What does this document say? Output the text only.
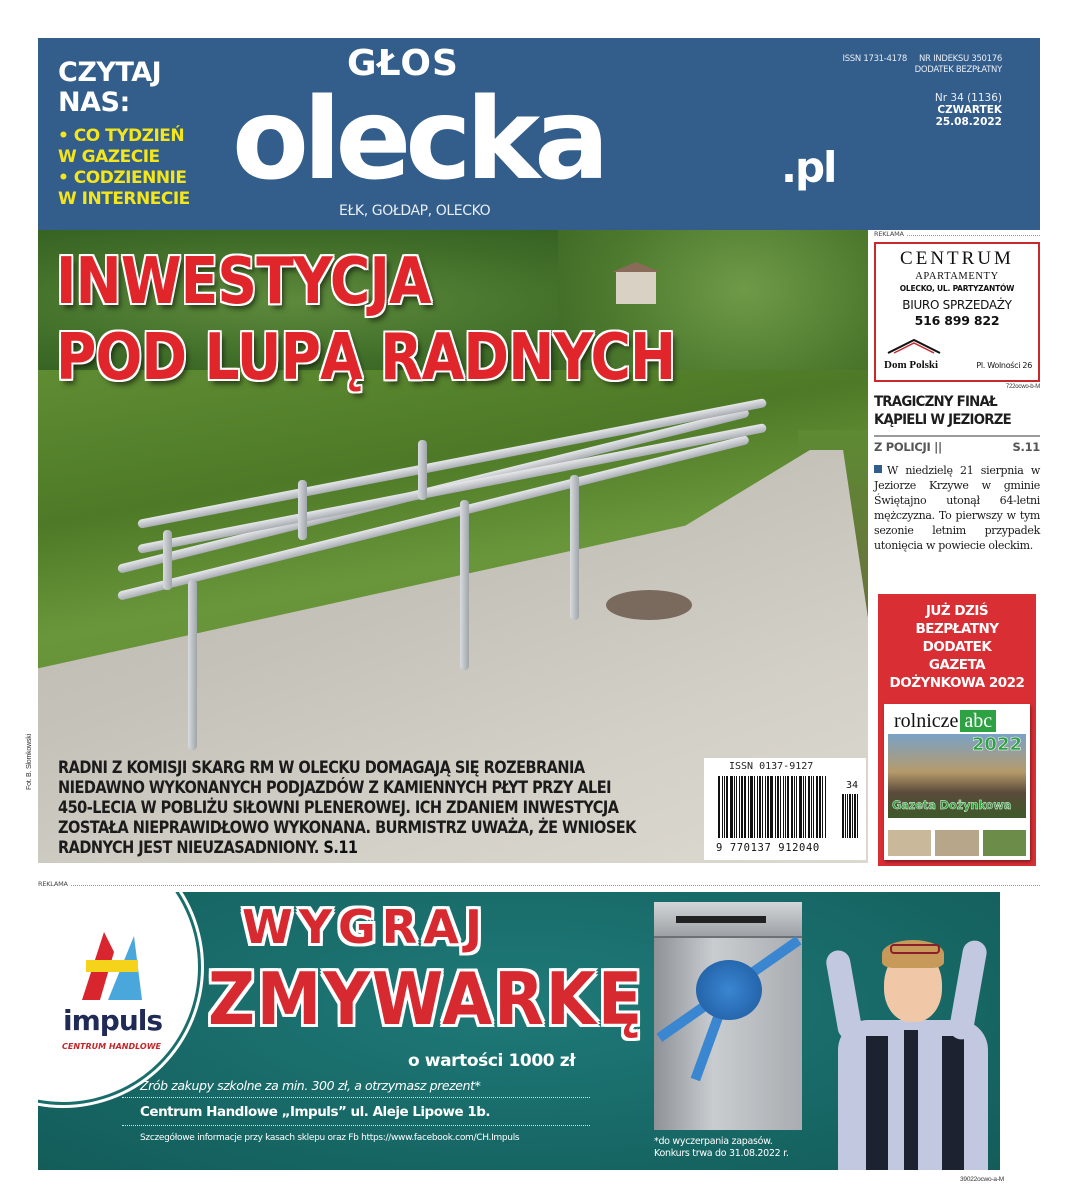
CZYTAJ
NAS:
• CO TYDZIEŃ
W GAZECIE
• CODZIENNIE
W INTERNECIE
GŁOS
olecka	.pl
EŁK, GOŁDAP, OLECKO
ISSN 1731-4178 NR INDEKSU 350176
DODATEK BEZPŁATNY
Nr 34 (1136)
CZWARTEK
25.08.2022
INWESTYCJA
POD LUPĄ RADNYCH
RADNI Z KOMISJI SKARG RM W OLECKU DOMAGAJĄ SIĘ ROZEBRANIA
NIEDAWNO WYKONANYCH PODJAZDÓW Z KAMIENNYCH PŁYT PRZY ALEI
450-LECIA W POBLIŻU SIŁOWNI PLENEROWEJ. ICH ZDANIEM INWESTYCJA
ZOSTAŁA NIEPRAWIDŁOWO WYKONANA. BURMISTRZ UWAŻA, ŻE WNIOSEK
RADNYCH JEST NIEUZASADNIONY. S.11
ISSN 0137-9127
9 770137 912040
34
Fot. B. Słomkowski
REKLAMA
CENTRUM
APARTAMENTY
OLECKO, UL. PARTYZANTÓW
BIURO SPRZEDAŻY
516 899 822
Dom Polski	Pl. Wolności 26
722ocwo-b-M
TRAGICZNY FINAŁ
KĄPIELI W JEZIORZE
Z POLICJI ||	S.11
W niedzielę 21 sierpnia w Jeziorze Krzywe w gminie Świętajno utonął 64-letni mężczyzna. To pierwszy w tym sezonie letnim przypadek utonięcia w powiecie oleckim.
JUŻ DZIŚ
BEZPŁATNY
DODATEK
GAZETA
DOŻYNKOWA 2022
rolnicze abc
2022
Gazeta Dożynkowa
REKLAMA
impuls
CENTRUM HANDLOWE
WYGRAJ
ZMYWARKĘ
o wartości 1000 zł
Zrób zakupy szkolne za min. 300 zł, a otrzymasz prezent*
Centrum Handlowe „Impuls” ul. Aleje Lipowe 1b.
Szczegółowe informacje przy kasach sklepu oraz Fb https://www.facebook.com/CH.Impuls	*do wyczerpania zapasów.
Konkurs trwa do 31.08.2022 r.
39022ocwo-a-M
